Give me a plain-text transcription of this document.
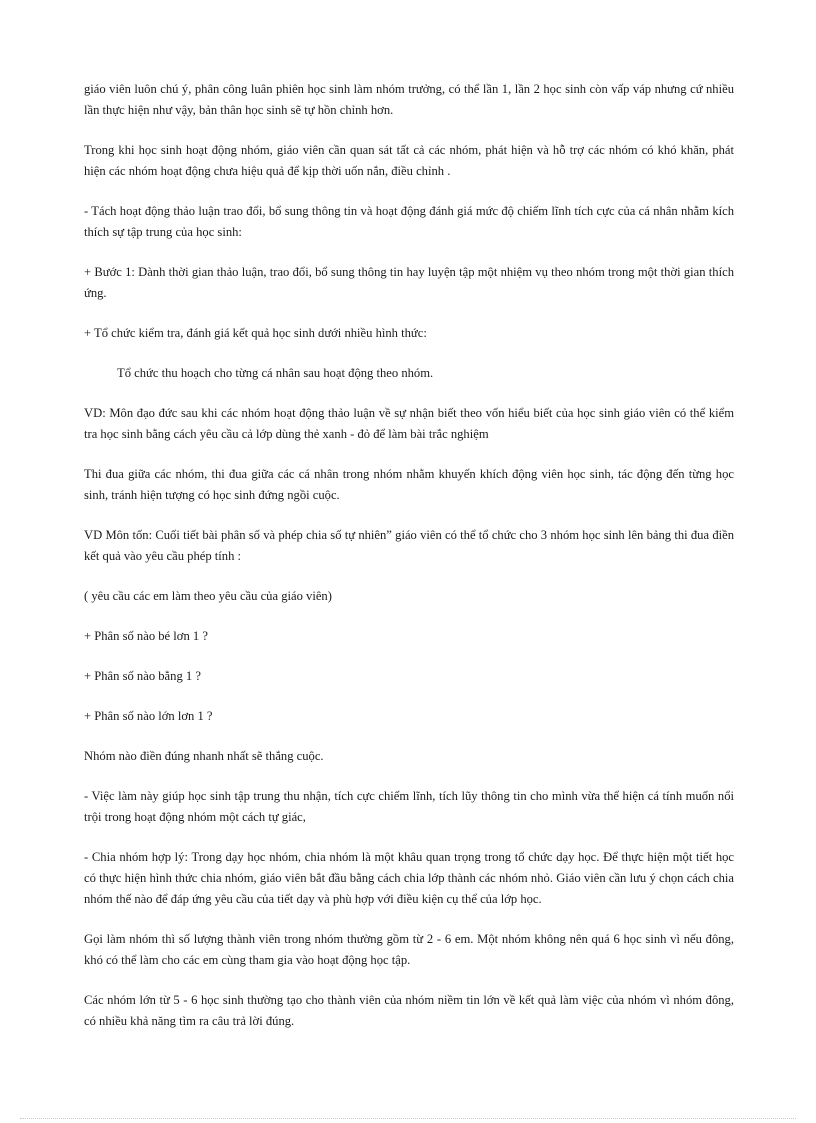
giáo viên luôn chú ý, phân công luân phiên học sinh làm nhóm trưởng, có thể lần 1, lần 2 học sinh còn vấp váp nhưng cứ nhiều lần thực hiện như vậy, bản thân học sinh sẽ tự hồn chỉnh hơn.

Trong khi học sinh hoạt động nhóm, giáo viên cần quan sát tất cả các nhóm, phát hiện và hỗ trợ các nhóm có khó khăn, phát hiện các nhóm hoạt động chưa hiệu quả để kịp thời uốn nắn, điều chỉnh .

- Tách hoạt động thảo luận trao đổi, bổ sung thông tin và hoạt động đánh giá mức độ chiếm lĩnh tích cực của cá nhân nhằm kích thích sự tập trung của học sinh:

+ Bước 1: Dành thời gian thảo luận, trao đổi, bổ sung thông tin hay luyện tập một nhiệm vụ theo nhóm trong một thời gian thích ứng.

+ Tổ chức kiểm tra, đánh giá kết quả học sinh dưới nhiều hình thức:

Tổ chức thu hoạch cho từng cá nhân sau hoạt động theo nhóm.

VD: Môn đạo đức sau khi các nhóm hoạt động thảo luận về sự nhận biết theo vốn hiểu biết của học sinh giáo viên có thể kiểm tra học sinh bằng cách yêu cầu cả lớp dùng thẻ xanh - đỏ để làm bài trắc nghiệm

Thi đua giữa các nhóm, thi đua giữa các cá nhân trong nhóm nhằm khuyến khích động viên học sinh, tác động đến từng học sinh, tránh hiện tượng có học sinh đứng ngồi cuộc.

VD Môn tốn: Cuối tiết bài phân số và phép chia số tự nhiên” giáo viên có thể tổ chức cho 3 nhóm học sinh lên bảng thi đua điền kết quả vào yêu cầu phép tính :

( yêu cầu các em làm theo yêu cầu của giáo viên)

+ Phân số nào bé lơn 1 ?

+ Phân số nào bằng 1 ?

+ Phân số nào lớn lơn 1 ?

Nhóm nào điền đúng nhanh nhất sẽ thắng cuộc.

- Việc làm này giúp học sinh tập trung thu nhận, tích cực chiếm lĩnh, tích lũy thông tin cho mình vừa thể hiện cá tính muốn nổi trội trong hoạt động nhóm một cách tự giác,

- Chia nhóm hợp lý: Trong dạy học nhóm, chia nhóm là một khâu quan trọng trong tổ chức dạy học. Để thực hiện một tiết học có thực hiện hình thức chia nhóm, giáo viên bắt đầu bằng cách chia lớp thành các nhóm nhỏ. Giáo viên cần lưu ý chọn cách chia nhóm thế nào để đáp ứng yêu cầu của tiết dạy và phù hợp với điều kiện cụ thể của lớp học.

Gọi làm nhóm thì số lượng thành viên trong nhóm thường gồm từ 2 - 6 em. Một nhóm không nên quá 6 học sinh vì nếu đông, khó có thể làm cho các em cùng tham gia vào hoạt động học tập.

Các nhóm lớn từ 5 - 6 học sinh thường tạo cho thành viên của nhóm niềm tin lớn về kết quả làm việc của nhóm vì nhóm đông, có nhiều khả năng tìm ra câu trả lời đúng.
